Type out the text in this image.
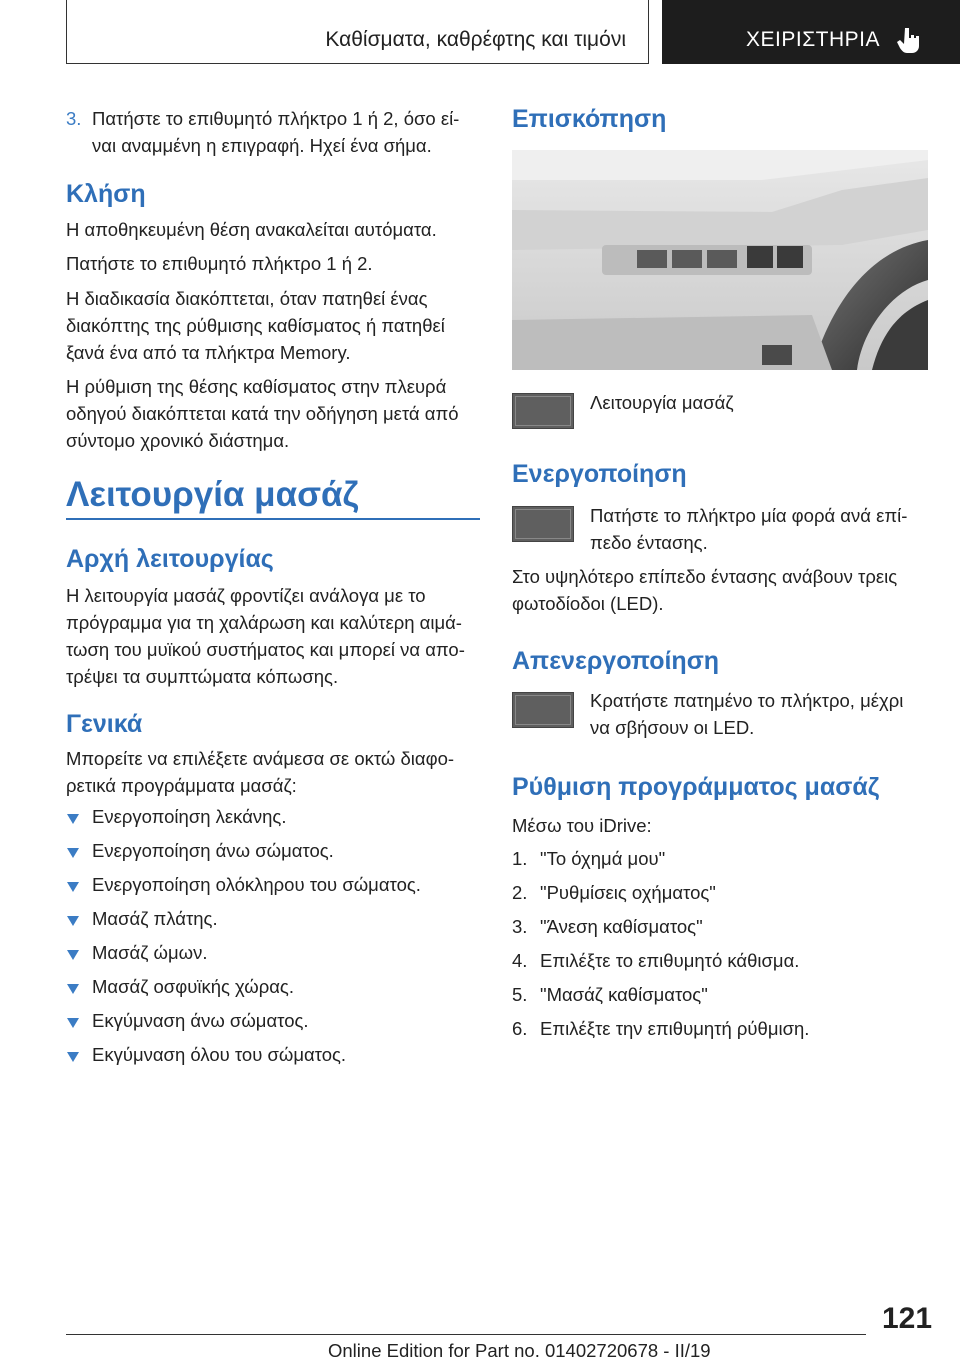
Καθίσματα, καθρέφτης και τιμόνι	ΧΕΙΡΙΣΤΗΡΙΑ

3. Πατήστε το επιθυμητό πλήκτρο 1 ή 2, όσο εί‐

ναι αναμμένη η επιγραφή. Ηχεί ένα σήμα.

Κλήση

Η αποθηκευμένη θέση ανακαλείται αυτόματα.

Πατήστε το επιθυμητό πλήκτρο 1 ή 2.

Η διαδικασία διακόπτεται, όταν πατηθεί ένας

διακόπτης της ρύθμισης καθίσματος ή πατηθεί

ξανά ένα από τα πλήκτρα Memory.

Η ρύθμιση της θέσης καθίσματος στην πλευρά

οδηγού διακόπτεται κατά την οδήγηση μετά από

σύντομο χρονικό διάστημα.

Λειτουργία μασάζ
Αρχή λειτουργίας

Η λειτουργία μασάζ φροντίζει ανάλογα με το

πρόγραμμα για τη χαλάρωση και καλύτερη αιμά‐

τωση του μυϊκού συστήματος και μπορεί να απο‐

τρέψει τα συμπτώματα κόπωσης.

Γενικά

Μπορείτε να επιλέξετε ανάμεσα σε οκτώ διαφο‐

ρετικά προγράμματα μασάζ:

Ενεργοποίηση λεκάνης.
Ενεργοποίηση άνω σώματος.
Ενεργοποίηση ολόκληρου του σώματος.
Μασάζ πλάτης.
Μασάζ ώμων.
Μασάζ οσφυϊκής χώρας.
Εκγύμναση άνω σώματος.
Εκγύμναση όλου του σώματος.
Επισκόπηση

Λειτουργία μασάζ

Ενεργοποίηση

Πατήστε το πλήκτρο μία φορά ανά επί‐

πεδο έντασης.

Στο υψηλότερο επίπεδο έντασης ανάβουν τρεις

φωτοδίοδοι (LED).

Απενεργοποίηση

Κρατήστε πατημένο το πλήκτρο, μέχρι

να σβήσουν οι LED.

Ρύθμιση προγράμματος μασάζ

Μέσω του iDrive:

1. "Το όχημά μου"
2. "Ρυθμίσεις οχήματος"
3. "Άνεση καθίσματος"
4. Επιλέξτε το επιθυμητό κάθισμα.
5. "Μασάζ καθίσματος"
6. Επιλέξτε την επιθυμητή ρύθμιση.
121
Online Edition for Part no. 01402720678 - II/19
